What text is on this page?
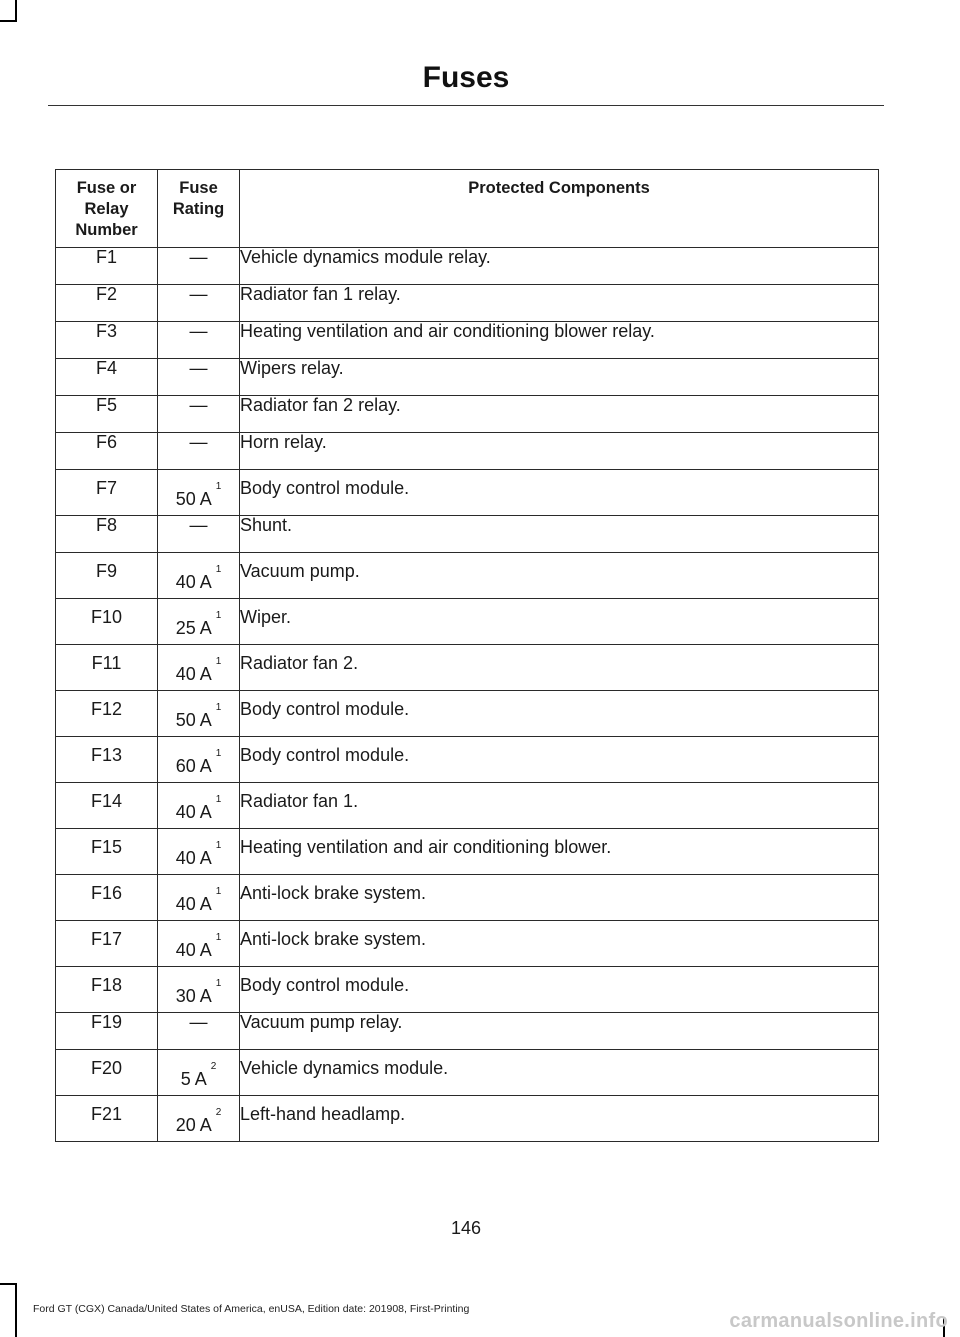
Fuses
Fuse or Relay Number	Fuse Rating	Protected Components
F1	—	Vehicle dynamics module relay.
F2	—	Radiator fan 1 relay.
F3	—	Heating ventilation and air conditioning blower relay.
F4	—	Wipers relay.
F5	—	Radiator fan 2 relay.
F6	—	Horn relay.
F7	50 A$^1$	Body control module.
F8	—	Shunt.
F9	40 A$^1$	Vacuum pump.
F10	25 A$^1$	Wiper.
F11	40 A$^1$	Radiator fan 2.
F12	50 A$^1$	Body control module.
F13	60 A$^1$	Body control module.
F14	40 A$^1$	Radiator fan 1.
F15	40 A$^1$	Heating ventilation and air conditioning blower.
F16	40 A$^1$	Anti-lock brake system.
F17	40 A$^1$	Anti-lock brake system.
F18	30 A$^1$	Body control module.
F19	—	Vacuum pump relay.
F20	5 A$^2$	Vehicle dynamics module.
F21	20 A$^2$	Left-hand headlamp.
146
Ford GT (CGX) Canada/United States of America, enUSA, Edition date: 201908, First-Printing
carmanualsonline.info
